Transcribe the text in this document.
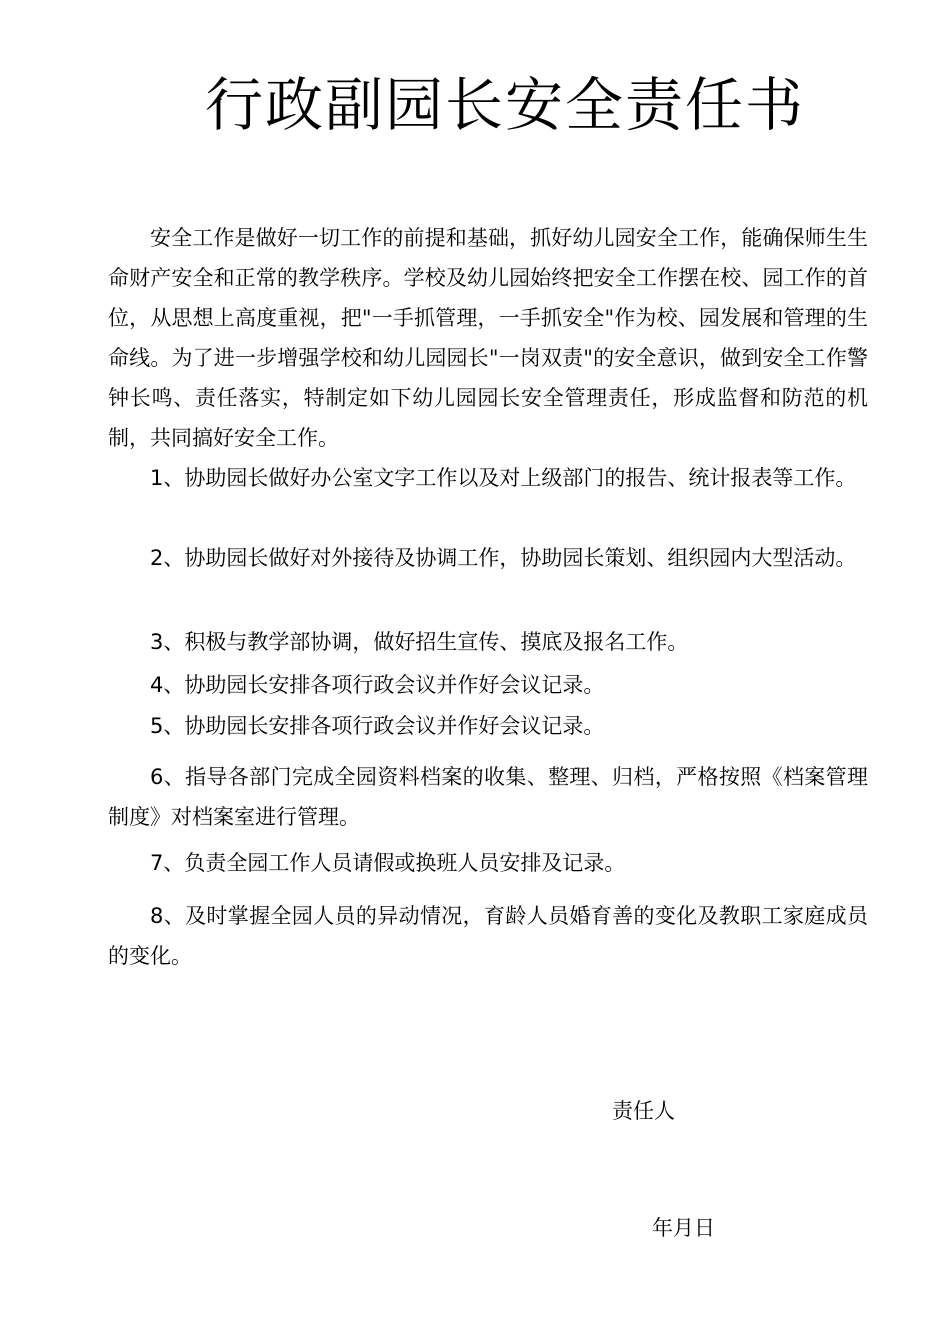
行政副园长安全责任书
安全工作是做好一切工作的前提和基础，抓好幼儿园安全工作，能确保师生生命财产安全和正常的教学秩序。学校及幼儿园始终把安全工作摆在校、园工作的首位，从思想上高度重视，把"一手抓管理，一手抓安全"作为校、园发展和管理的生命线。为了进一步增强学校和幼儿园园长"一岗双责"的安全意识，做到安全工作警钟长鸣、责任落实，特制定如下幼儿园园长安全管理责任，形成监督和防范的机制，共同搞好安全工作。
1、协助园长做好办公室文字工作以及对上级部门的报告、统计报表等工作。
2、协助园长做好对外接待及协调工作，协助园长策划、组织园内大型活动。
3、积极与教学部协调，做好招生宣传、摸底及报名工作。
4、协助园长安排各项行政会议并作好会议记录。
5、协助园长安排各项行政会议并作好会议记录。
6、指导各部门完成全园资料档案的收集、整理、归档，严格按照《档案管理制度》对档案室进行管理。
7、负责全园工作人员请假或换班人员安排及记录。
8、及时掌握全园人员的异动情况，育龄人员婚育善的变化及教职工家庭成员的变化。
责任人
年月日
